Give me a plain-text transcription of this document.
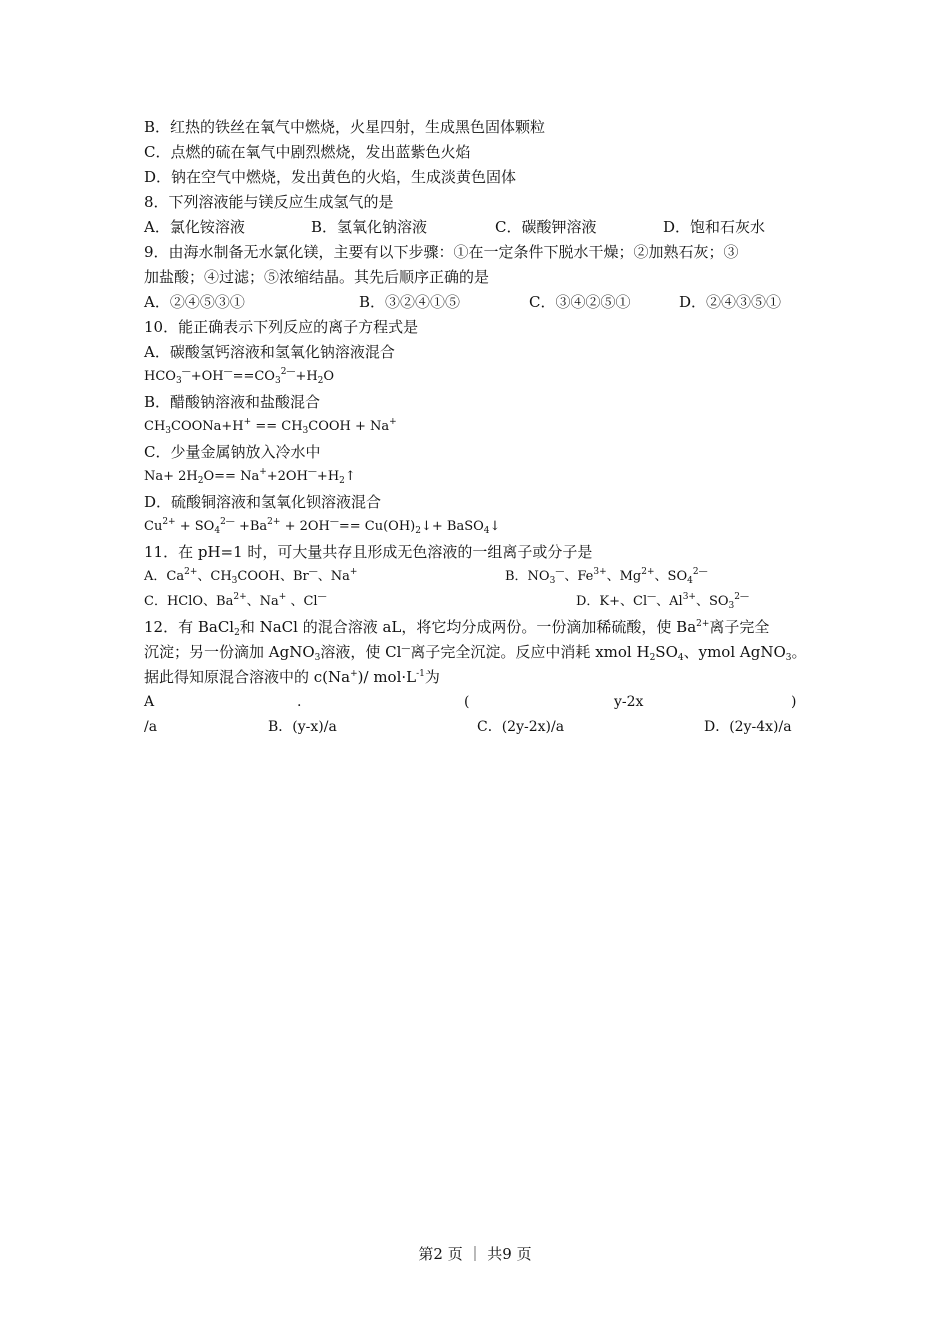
B．红热的铁丝在氧气中燃烧，火星四射，生成黑色固体颗粒
C．点燃的硫在氧气中剧烈燃烧，发出蓝紫色火焰
D．钠在空气中燃烧，发出黄色的火焰，生成淡黄色固体
8．下列溶液能与镁反应生成氢气的是
A．氯化铵溶液	B．氢氧化钠溶液	C．碳酸钾溶液	D．饱和石灰水
9．由海水制备无水氯化镁，主要有以下步骤：①在一定条件下脱水干燥；②加熟石灰；③
加盐酸；④过滤；⑤浓缩结晶。其先后顺序正确的是
A．②④⑤③①	B．③②④①⑤	C．③④②⑤①	D．②④③⑤①
10．能正确表示下列反应的离子方程式是
A．碳酸氢钙溶液和氢氧化钠溶液混合
$HCO_3^—+OH^—==CO_3^{2—}+H_2O$
B．醋酸钠溶液和盐酸混合
$CH_3COONa+H^+$ == $CH_3COOH + Na^+$
C．少量金属钠放入冷水中
$Na+ 2H_2O==$ $Na^++2OH^—+H_2↑$
D．硫酸铜溶液和氢氧化钡溶液混合
$Cu^{2+} + SO_4^{2—} +Ba^{2+} + 2OH^—==$ $Cu(OH)_2↓+$ BaSO$_4$↓
11．在 pH=1 时，可大量共存且形成无色溶液的一组离子或分子是
A．$Ca^{2+}$、$CH_3COOH$、Br—、Na+	B．$NO_3^—$、$Fe^{3+}$、$Mg^{2+}$、$SO_4^{2—}$
C．HClO、$Ba^{2+}$、Na+ 、Cl—	D．K+、Cl—、$Al^{3+}$、$SO_3^{2—}$
12．有 BaCl$_2$和 NaCl 的混合溶液 aL，将它均分成两份。一份滴加稀硫酸，使 $Ba^{2+}$离子完全
沉淀；另一份滴加 AgNO$_3$溶液，使 Cl—离子完全沉淀。反应中消耗 xmol $H_2SO_4$、ymol AgNO$_3$。
据此得知原混合溶液中的 c(Na+)/ $mol\cdot L^{-1}$为
A	.	(	y-2x	)
/a	B．(y-x)/a	C．(2y-2x)/a	D．(2y-4x)/a
第2 页 ｜ 共9 页
